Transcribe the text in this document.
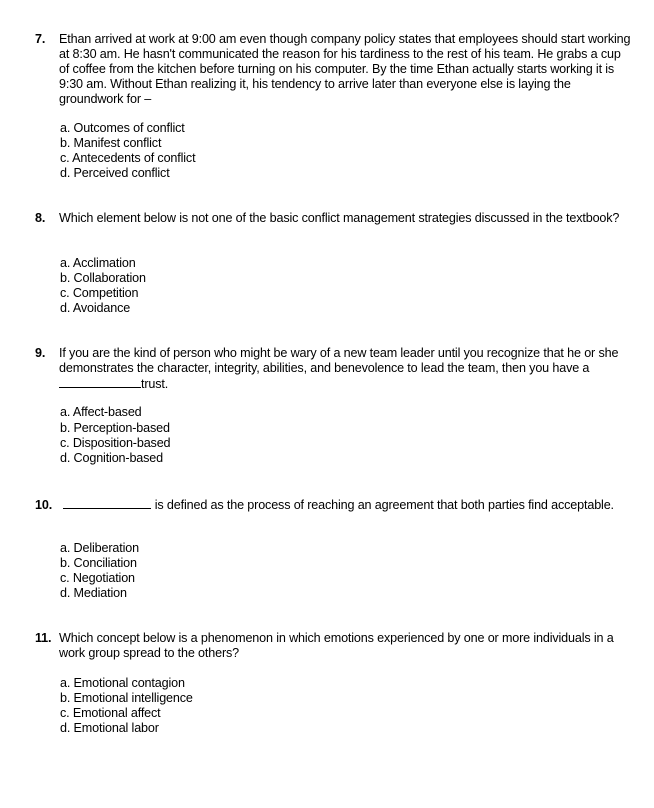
7. Ethan arrived at work at 9:00 am even though company policy states that employees should start working at 8:30 am. He hasn't communicated the reason for his tardiness to the rest of his team. He grabs a cup of coffee from the kitchen before turning on his computer. By the time Ethan actually starts working it is 9:30 am. Without Ethan realizing it, his tendency to arrive later than everyone else is laying the groundwork for –

a. Outcomes of conflict
b. Manifest conflict
c. Antecedents of conflict
d. Perceived conflict
8. Which element below is not one of the basic conflict management strategies discussed in the textbook?

a. Acclimation
b. Collaboration
c. Competition
d. Avoidance
9. If you are the kind of person who might be wary of a new team leader until you recognize that he or she demonstrates the character, integrity, abilities, and benevolence to lead the team, then you have a trust.

a. Affect-based
b. Perception-based
c. Disposition-based
d. Cognition-based

10.	is defined as the process of reaching an agreement that both parties find acceptable.

a. Deliberation
b. Conciliation
c. Negotiation
d. Mediation
11. Which concept below is a phenomenon in which emotions experienced by one or more individuals in a work group spread to the others?

a. Emotional contagion
b. Emotional intelligence
c. Emotional affect
d. Emotional labor
